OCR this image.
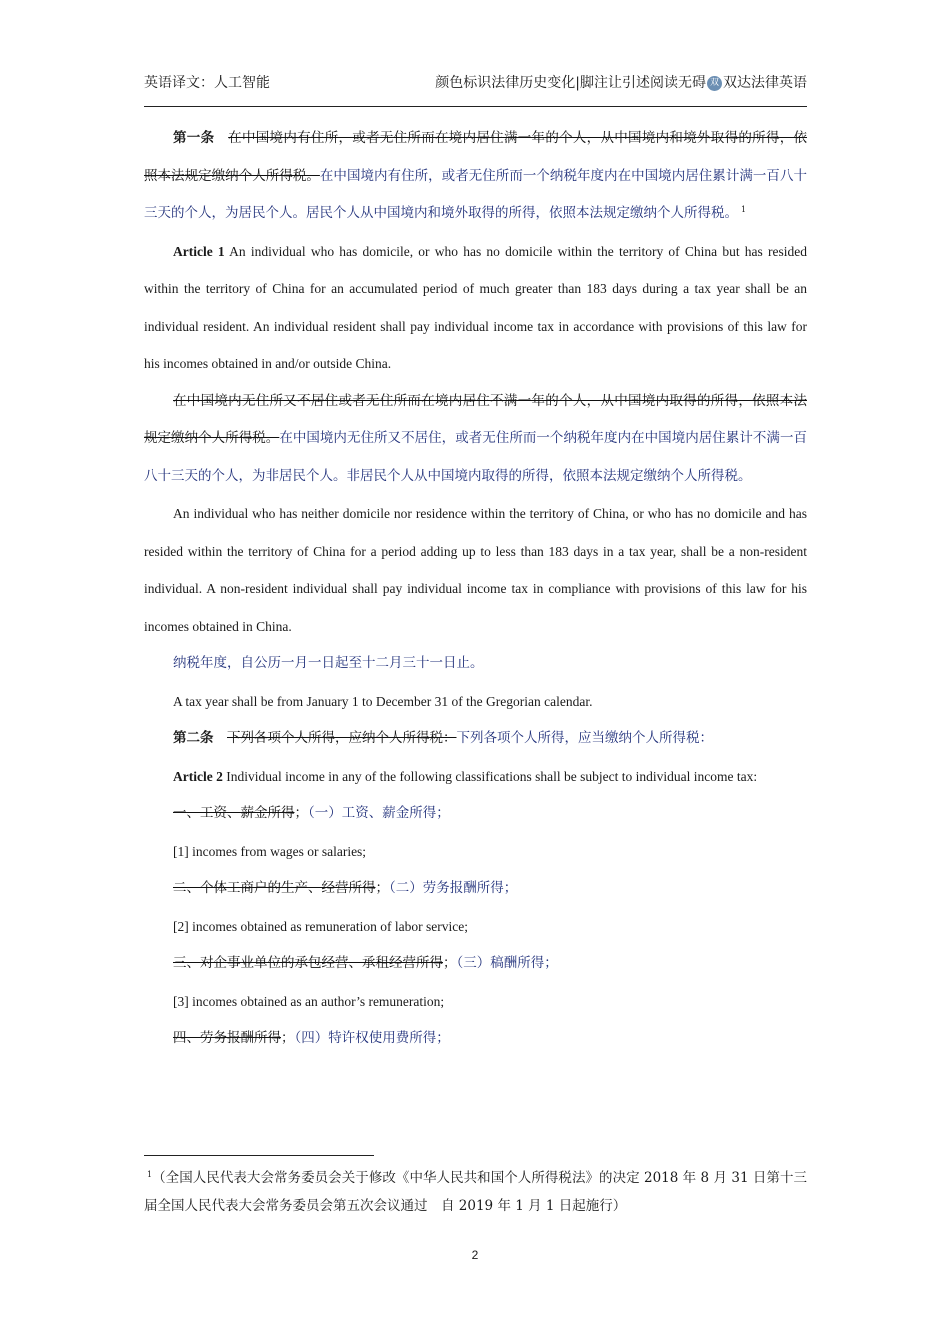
英语译文：人工智能	颜色标识法律历史变化|脚注让引述阅读无碍 双 双达法律英语

第一条　 在中国境内有住所，或者无住所而在境内居住满一年的个人，从中国境内和境外取得的所得，依照本法规定缴纳个人所得税。在中国境内有住所，或者无住所而一个纳税年度内在中国境内居住累计满一百八十三天的个人，为居民个人。居民个人从中国境内和境外取得的所得，依照本法规定缴纳个人所得税。 $^1$

Article 1 An individual who has domicile, or who has no domicile within the territory of China but has resided within the territory of China for an accumulated period of much greater than 183 days during a tax year shall be an individual resident. An individual resident shall pay individual income tax in accordance with provisions of this law for his incomes obtained in and/or outside China.

在中国境内无住所又不居住或者无住所而在境内居住不满一年的个人，从中国境内取得的所得，依照本法规定缴纳个人所得税。在中国境内无住所又不居住，或者无住所而一个纳税年度内在中国境内居住累计不满一百八十三天的个人，为非居民个人。非居民个人从中国境内取得的所得，依照本法规定缴纳个人所得税。

An individual who has neither domicile nor residence within the territory of China, or who has no domicile and has resided within the territory of China for a period adding up to less than 183 days in a tax year, shall be a non-resident individual. A non-resident individual shall pay individual income tax in compliance with provisions of this law for his incomes obtained in China.

纳税年度，自公历一月一日起至十二月三十一日止。

A tax year shall be from January 1 to December 31 of the Gregorian calendar.

第二条　 下列各项个人所得，应纳个人所得税：下列各项个人所得，应当缴纳个人所得税：

Article 2 Individual income in any of the following classifications shall be subject to individual income tax:

一、工资、薪金所得；（一）工资、薪金所得；

[1] incomes from wages or salaries;

二、个体工商户的生产、经营所得；（二）劳务报酬所得；

[2] incomes obtained as remuneration of labor service;

三、对企事业单位的承包经营、承租经营所得；（三）稿酬所得；

[3] incomes obtained as an author’s remuneration;

四、劳务报酬所得；（四）特许权使用费所得；

$^1$（全国人民代表大会常务委员会关于修改《中华人民共和国个人所得税法》的决定 2018 年 8 月 31 日第十三届全国人民代表大会常务委员会第五次会议通过　自 2019 年 1 月 1 日起施行）

2
